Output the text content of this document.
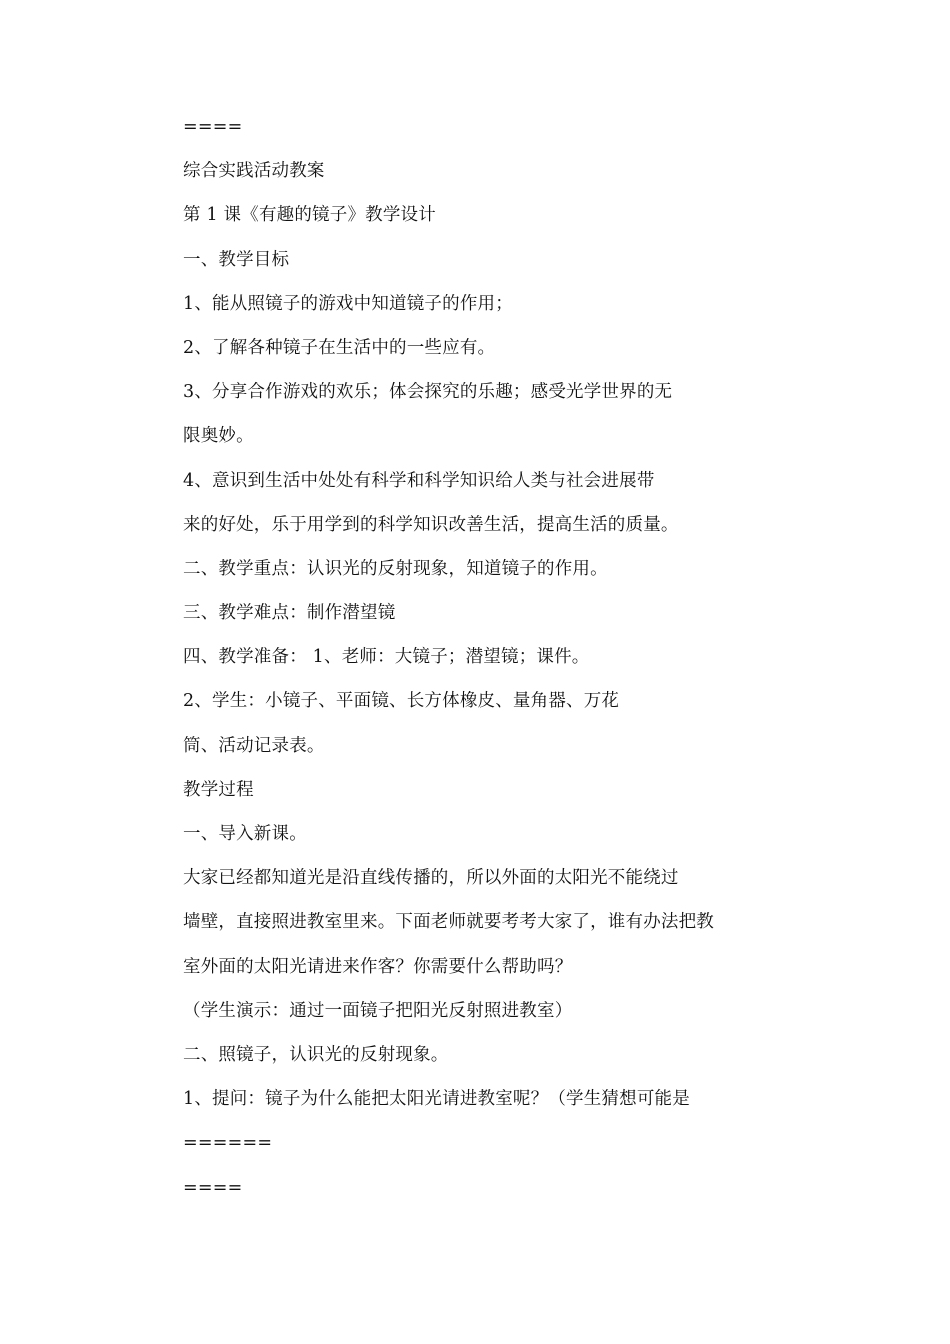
====
综合实践活动教案
第 1 课《有趣的镜子》教学设计
一、教学目标
1、能从照镜子的游戏中知道镜子的作用；
2、了解各种镜子在生活中的一些应有。
3、分享合作游戏的欢乐；体会探究的乐趣；感受光学世界的无
限奥妙。
4、意识到生活中处处有科学和科学知识给人类与社会进展带
来的好处，乐于用学到的科学知识改善生活，提高生活的质量。
二、教学重点：认识光的反射现象，知道镜子的作用。
三、教学难点：制作潜望镜
四、教学准备： 1、老师：大镜子；潜望镜；课件。
2、学生：小镜子、平面镜、长方体橡皮、量角器、万花
筒、活动记录表。
教学过程
一、导入新课。
大家已经都知道光是沿直线传播的，所以外面的太阳光不能绕过
墙壁，直接照进教室里来。下面老师就要考考大家了，谁有办法把教
室外面的太阳光请进来作客？你需要什么帮助吗？
（学生演示：通过一面镜子把阳光反射照进教室）
二、照镜子，认识光的反射现象。
1、提问：镜子为什么能把太阳光请进教室呢？（学生猜想可能是
======
====
